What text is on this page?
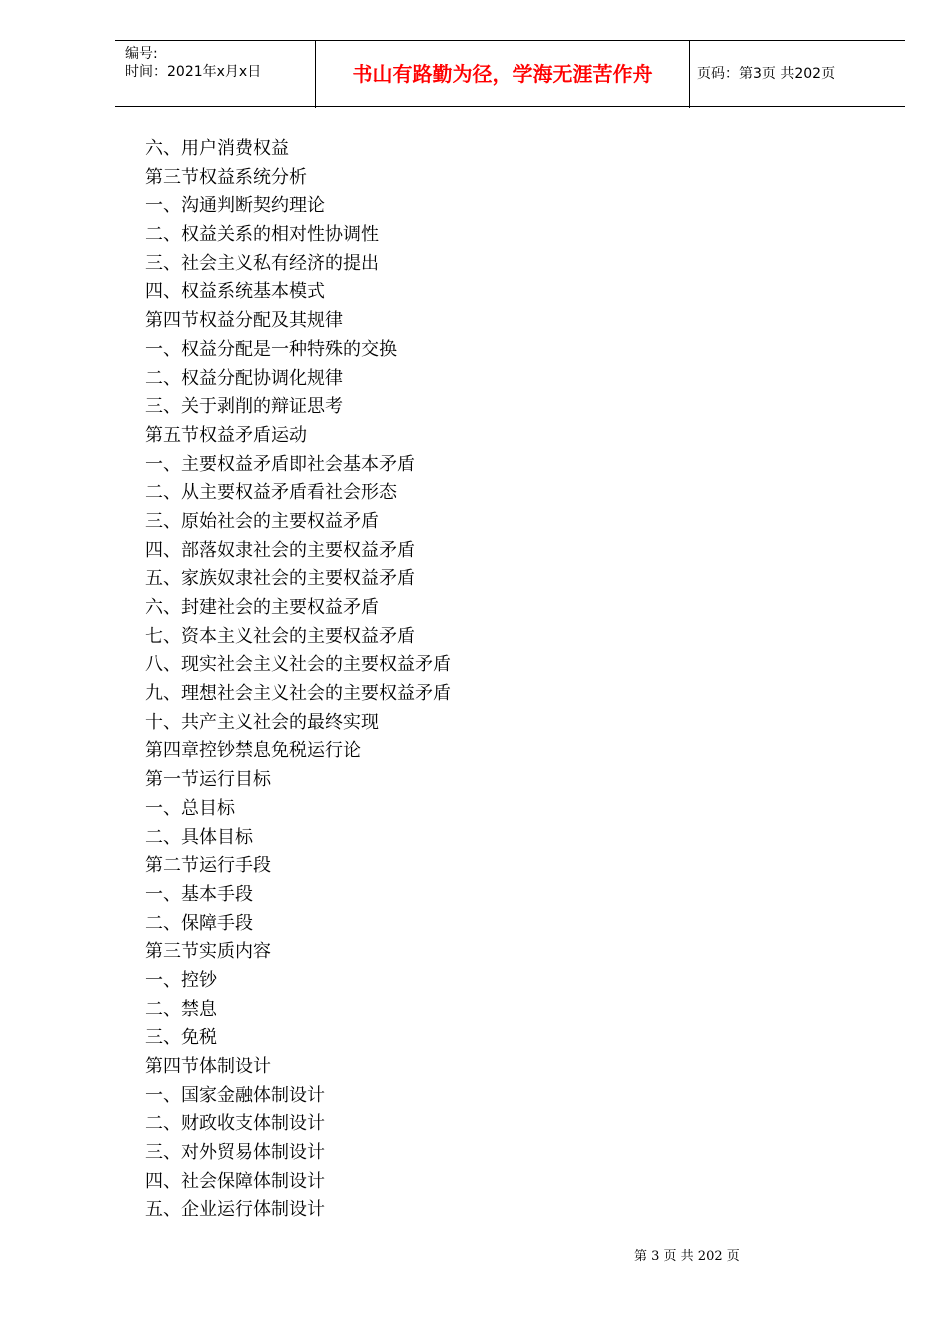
编号:
时间：2021年x月x日	书山有路勤为径，学海无涯苦作舟	页码：第3页 共202页
六、用户消费权益
第三节权益系统分析
一、沟通判断契约理论
二、权益关系的相对性协调性
三、社会主义私有经济的提出
四、权益系统基本模式
第四节权益分配及其规律
一、权益分配是一种特殊的交换
二、权益分配协调化规律
三、关于剥削的辩证思考
第五节权益矛盾运动
一、主要权益矛盾即社会基本矛盾
二、从主要权益矛盾看社会形态
三、原始社会的主要权益矛盾
四、部落奴隶社会的主要权益矛盾
五、家族奴隶社会的主要权益矛盾
六、封建社会的主要权益矛盾
七、资本主义社会的主要权益矛盾
八、现实社会主义社会的主要权益矛盾
九、理想社会主义社会的主要权益矛盾
十、共产主义社会的最终实现
第四章控钞禁息免税运行论
第一节运行目标
一、总目标
二、具体目标
第二节运行手段
一、基本手段
二、保障手段
第三节实质内容
一、控钞
二、禁息
三、免税
第四节体制设计
一、国家金融体制设计
二、财政收支体制设计
三、对外贸易体制设计
四、社会保障体制设计
五、企业运行体制设计
第 3 页 共 202 页
